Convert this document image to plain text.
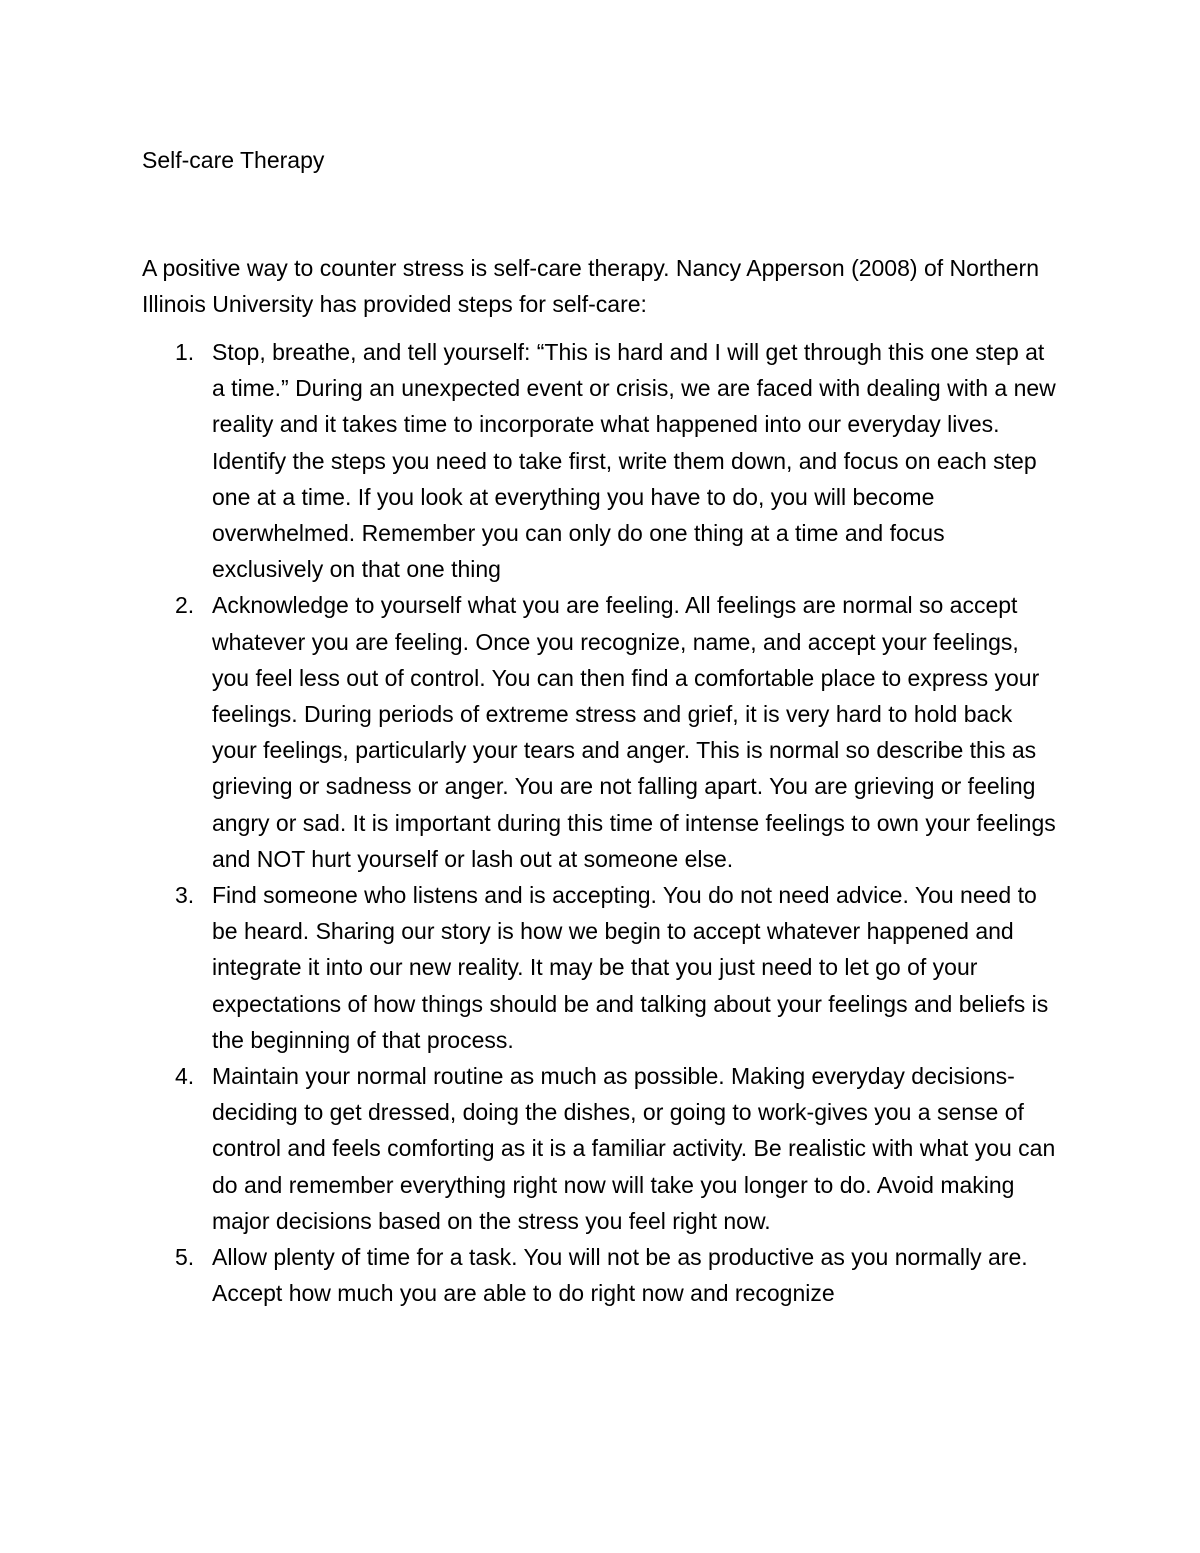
Self-care Therapy

A positive way to counter stress is self-care therapy. Nancy Apperson (2008) of Northern Illinois University has provided steps for self-care:

1. Stop, breathe, and tell yourself: “This is hard and I will get through this one step at a time.” During an unexpected event or crisis, we are faced with dealing with a new reality and it takes time to incorporate what happened into our everyday lives. Identify the steps you need to take first, write them down, and focus on each step one at a time. If you look at everything you have to do, you will become overwhelmed. Remember you can only do one thing at a time and focus exclusively on that one thing
2. Acknowledge to yourself what you are feeling. All feelings are normal so accept whatever you are feeling. Once you recognize, name, and accept your feelings, you feel less out of control. You can then find a comfortable place to express your feelings. During periods of extreme stress and grief, it is very hard to hold back your feelings, particularly your tears and anger. This is normal so describe this as grieving or sadness or anger. You are not falling apart. You are grieving or feeling angry or sad. It is important during this time of intense feelings to own your feelings and NOT hurt yourself or lash out at someone else.
3. Find someone who listens and is accepting. You do not need advice. You need to be heard. Sharing our story is how we begin to accept whatever happened and integrate it into our new reality. It may be that you just need to let go of your expectations of how things should be and talking about your feelings and beliefs is the beginning of that process.
4. Maintain your normal routine as much as possible. Making everyday decisions-deciding to get dressed, doing the dishes, or going to work-gives you a sense of control and feels comforting as it is a familiar activity. Be realistic with what you can do and remember everything right now will take you longer to do. Avoid making major decisions based on the stress you feel right now.
5. Allow plenty of time for a task. You will not be as productive as you normally are. Accept how much you are able to do right now and recognize
